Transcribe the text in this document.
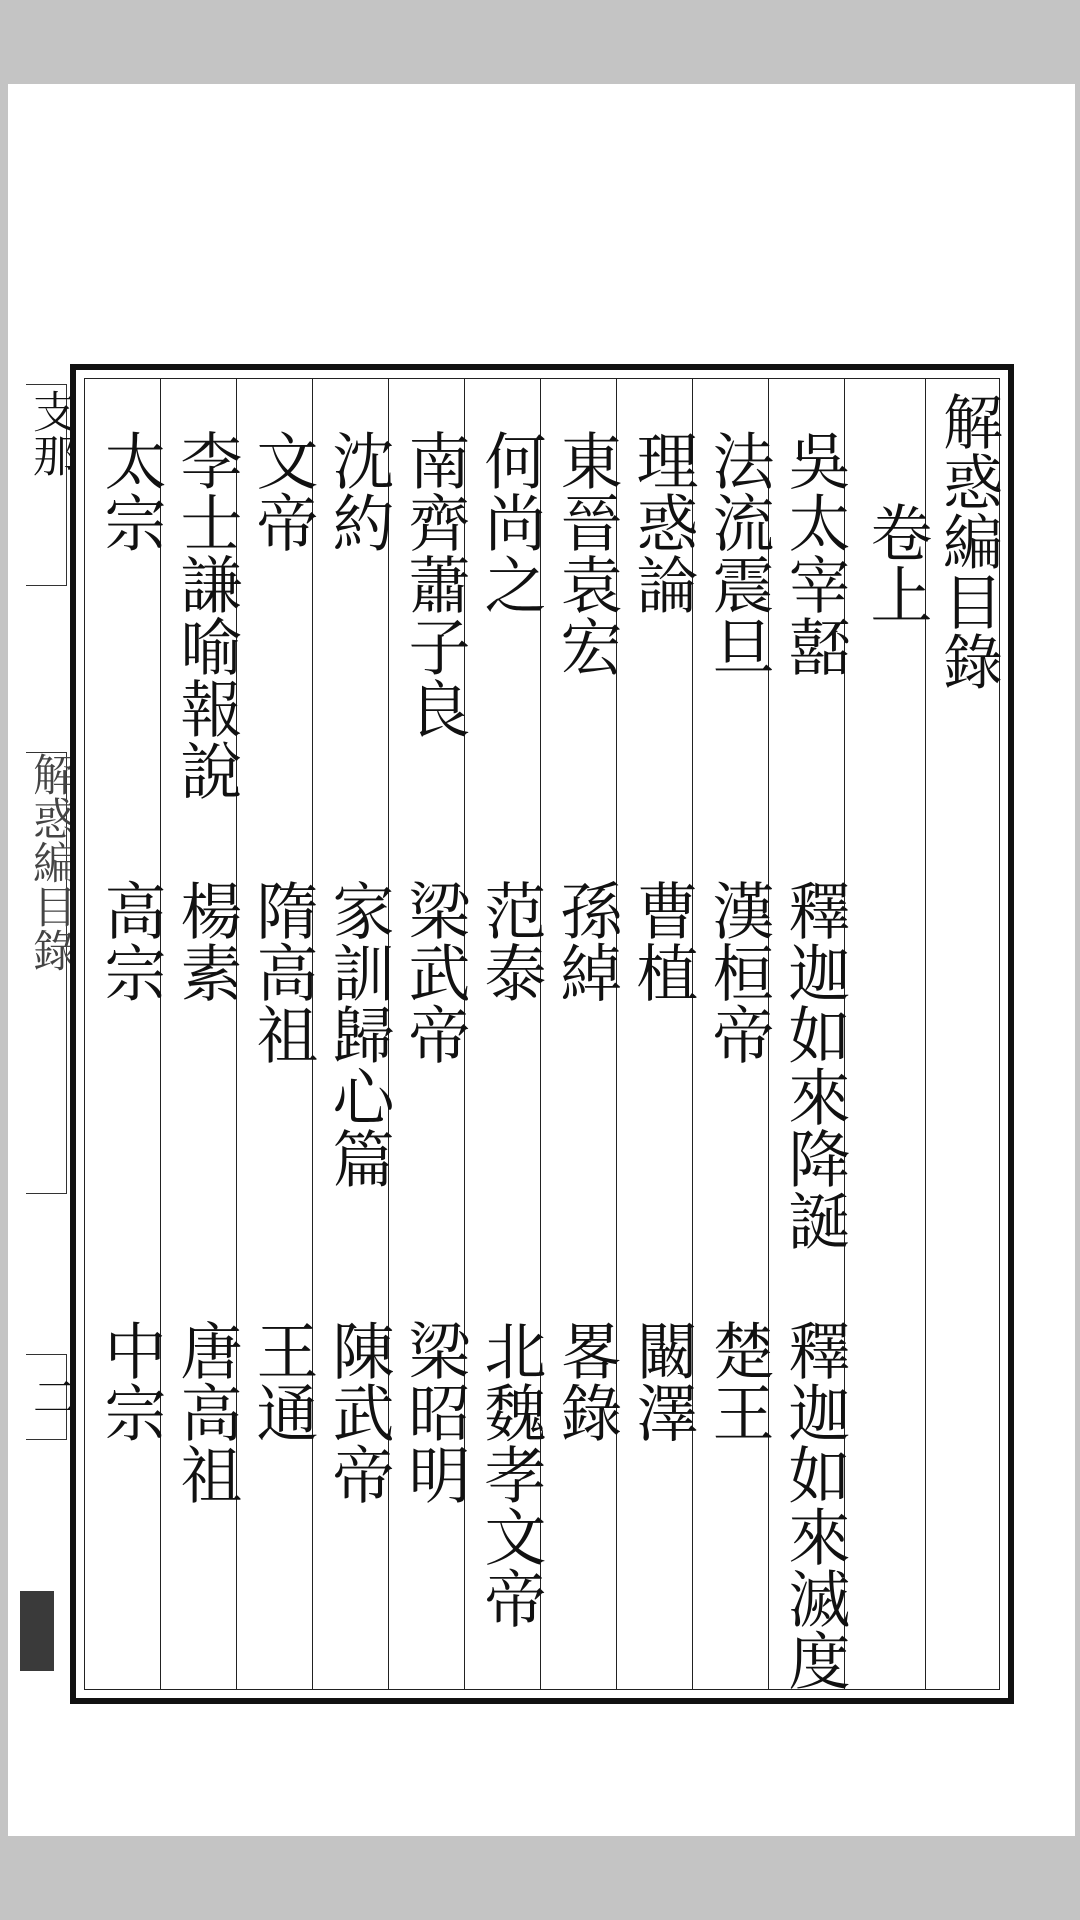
支那
解惑編目錄
二
解惑編目錄
卷上
吳太宰嚭
釋迦如來降誕
釋迦如來滅度
法流震旦
漢桓帝
楚王
理惑論
曹植
闞澤
東晉袁宏
孫綽
畧錄
何尚之
范泰
北魏孝文帝
南齊蕭子良
梁武帝
梁昭明
沈約
家訓歸心篇
陳武帝
文帝
隋高祖
王通
李士謙喻報說
楊素
唐高祖
太宗
高宗
中宗
